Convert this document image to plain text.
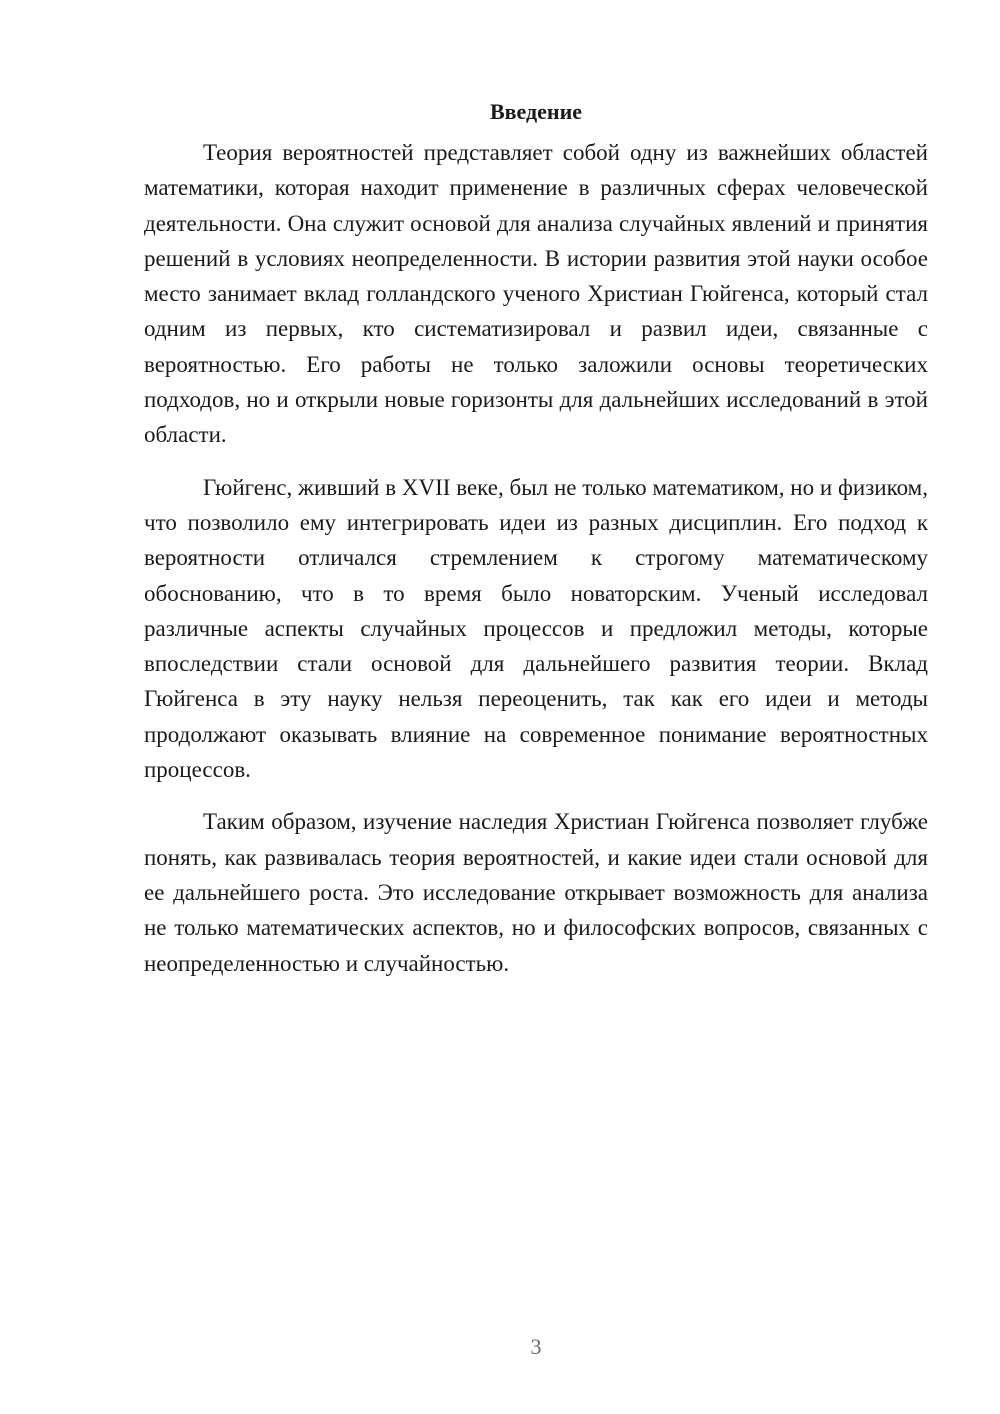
Введение

Теория вероятностей представляет собой одну из важнейших областей математики, которая находит применение в различных сферах человеческой деятельности. Она служит основой для анализа случайных явлений и принятия решений в условиях неопределенности. В истории развития этой науки особое место занимает вклад голландского ученого Христиан Гюйгенса, который стал одним из первых, кто систематизировал и развил идеи, связанные с вероятностью. Его работы не только заложили основы теоретических подходов, но и открыли новые горизонты для дальнейших исследований в этой области.

Гюйгенс, живший в XVII веке, был не только математиком, но и физиком, что позволило ему интегрировать идеи из разных дисциплин. Его подход к вероятности отличался стремлением к строгому математическому обоснованию, что в то время было новаторским. Ученый исследовал различные аспекты случайных процессов и предложил методы, которые впоследствии стали основой для дальнейшего развития теории. Вклад Гюйгенса в эту науку нельзя переоценить, так как его идеи и методы продолжают оказывать влияние на современное понимание вероятностных процессов.

Таким образом, изучение наследия Христиан Гюйгенса позволяет глубже понять, как развивалась теория вероятностей, и какие идеи стали основой для ее дальнейшего роста. Это исследование открывает возможность для анализа не только математических аспектов, но и философских вопросов, связанных с неопределенностью и случайностью.

3
